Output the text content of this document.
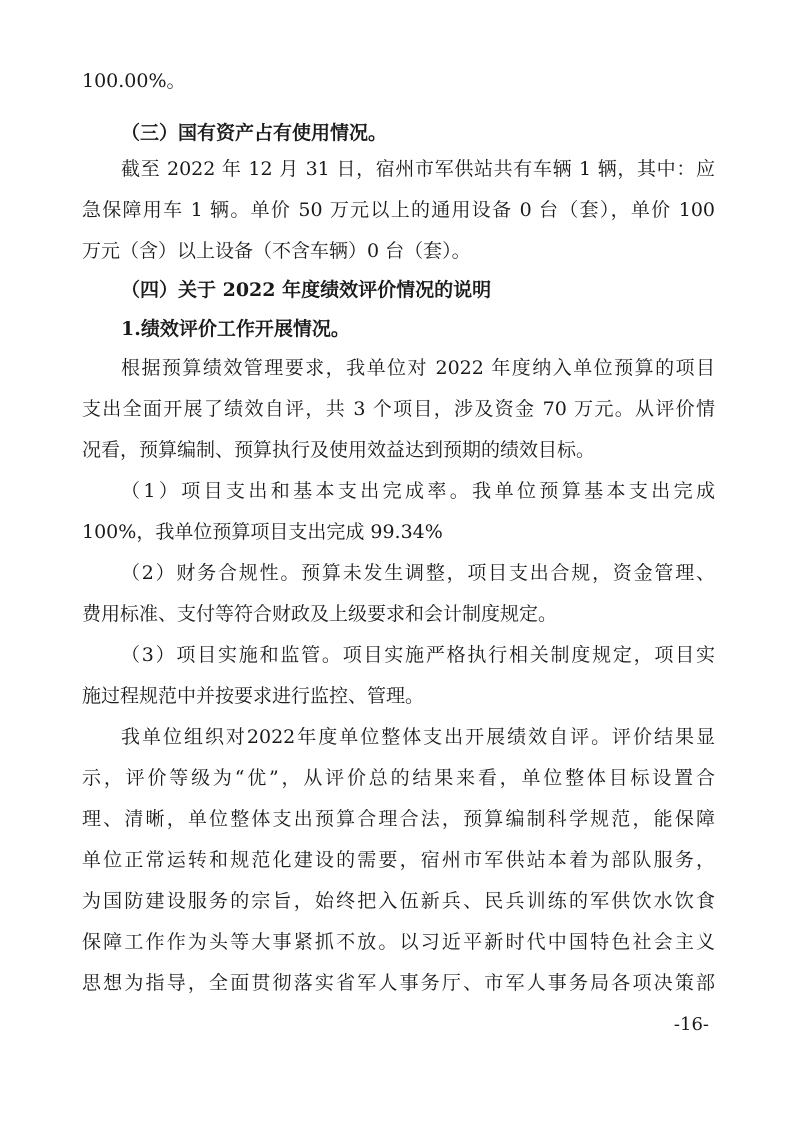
100.00%。
（三）国有资产占有使用情况。
截至 2022 年 12 月 31 日，宿州市军供站共有车辆 1 辆，其中：应
急保障用车 1 辆。单价 50 万元以上的通用设备 0 台（套），单价 100
万元（含）以上设备（不含车辆）0 台（套）。
（四）关于 2022 年度绩效评价情况的说明
1.绩效评价工作开展情况。
根据预算绩效管理要求，我单位对 2022 年度纳入单位预算的项目
支出全面开展了绩效自评，共 3 个项目，涉及资金 70 万元。从评价情
况看，预算编制、预算执行及使用效益达到预期的绩效目标。
（1）项目支出和基本支出完成率。我单位预算基本支出完成
100%，我单位预算项目支出完成 99.34%
（2）财务合规性。预算未发生调整，项目支出合规，资金管理、
费用标准、支付等符合财政及上级要求和会计制度规定。
（3）项目实施和监管。项目实施严格执行相关制度规定，项目实
施过程规范中并按要求进行监控、管理。
我单位组织对2022年度单位整体支出开展绩效自评。评价结果显
示，评价等级为“优”，从评价总的结果来看，单位整体目标设置合
理、清晰，单位整体支出预算合理合法，预算编制科学规范，能保障
单位正常运转和规范化建设的需要，宿州市军供站本着为部队服务，
为国防建设服务的宗旨，始终把入伍新兵、民兵训练的军供饮水饮食
保障工作作为头等大事紧抓不放。以习近平新时代中国特色社会主义
思想为指导，全面贯彻落实省军人事务厅、市军人事务局各项决策部
-16-
